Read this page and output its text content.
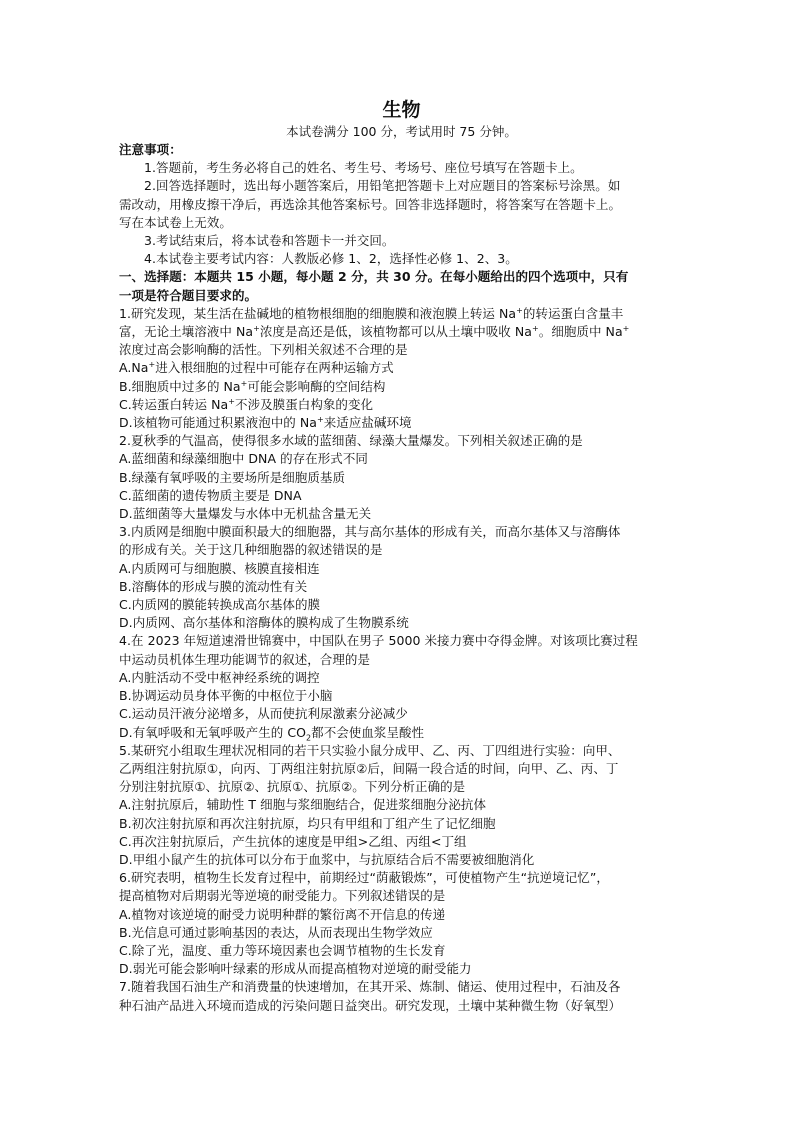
生物
本试卷满分 100 分，考试用时 75 分钟。
注意事项：
1.答题前，考生务必将自己的姓名、考生号、考场号、座位号填写在答题卡上。
2.回答选择题时，选出每小题答案后，用铅笔把答题卡上对应题目的答案标号涂黑。如
需改动，用橡皮擦干净后，再选涂其他答案标号。回答非选择题时，将答案写在答题卡上。
写在本试卷上无效。
3.考试结束后，将本试卷和答题卡一并交回。
4.本试卷主要考试内容：人教版必修 1、2，选择性必修 1、2、3。
一、选择题：本题共 15 小题，每小题 2 分，共 30 分。在每小题给出的四个选项中，只有
一项是符合题目要求的。
1.研究发现，某生活在盐碱地的植物根细胞的细胞膜和液泡膜上转运 Na+的转运蛋白含量丰
富，无论土壤溶液中 Na+浓度是高还是低，该植物都可以从土壤中吸收 Na+。细胞质中 Na+
浓度过高会影响酶的活性。下列相关叙述不合理的是
A.Na+进入根细胞的过程中可能存在两种运输方式
B.细胞质中过多的 Na+可能会影响酶的空间结构
C.转运蛋白转运 Na+不涉及膜蛋白构象的变化
D.该植物可能通过积累液泡中的 Na+来适应盐碱环境
2.夏秋季的气温高，使得很多水域的蓝细菌、绿藻大量爆发。下列相关叙述正确的是
A.蓝细菌和绿藻细胞中 DNA 的存在形式不同
B.绿藻有氧呼吸的主要场所是细胞质基质
C.蓝细菌的遗传物质主要是 DNA
D.蓝细菌等大量爆发与水体中无机盐含量无关
3.内质网是细胞中膜面积最大的细胞器，其与高尔基体的形成有关，而高尔基体又与溶酶体
的形成有关。关于这几种细胞器的叙述错误的是
A.内质网可与细胞膜、核膜直接相连
B.溶酶体的形成与膜的流动性有关
C.内质网的膜能转换成高尔基体的膜
D.内质网、高尔基体和溶酶体的膜构成了生物膜系统
4.在 2023 年短道速滑世锦赛中，中国队在男子 5000 米接力赛中夺得金牌。对该项比赛过程
中运动员机体生理功能调节的叙述，合理的是
A.内脏活动不受中枢神经系统的调控
B.协调运动员身体平衡的中枢位于小脑
C.运动员汗液分泌增多，从而使抗利尿激素分泌减少
D.有氧呼吸和无氧呼吸产生的 $CO_2$都不会使血浆呈酸性
5.某研究小组取生理状况相同的若干只实验小鼠分成甲、乙、丙、丁四组进行实验：向甲、
乙两组注射抗原①，向丙、丁两组注射抗原②后，间隔一段合适的时间，向甲、乙、丙、丁
分别注射抗原①、抗原②、抗原①、抗原②。下列分析正确的是
A.注射抗原后，辅助性 T 细胞与浆细胞结合，促进浆细胞分泌抗体
B.初次注射抗原和再次注射抗原，均只有甲组和丁组产生了记忆细胞
C.再次注射抗原后，产生抗体的速度是甲组>乙组、丙组<丁组
D.甲组小鼠产生的抗体可以分布于血浆中，与抗原结合后不需要被细胞消化
6.研究表明，植物生长发育过程中，前期经过“荫蔽锻炼”，可使植物产生“抗逆境记忆”，
提高植物对后期弱光等逆境的耐受能力。下列叙述错误的是
A.植物对该逆境的耐受力说明种群的繁衍离不开信息的传递
B.光信息可通过影响基因的表达，从而表现出生物学效应
C.除了光，温度、重力等环境因素也会调节植物的生长发育
D.弱光可能会影响叶绿素的形成从而提高植物对逆境的耐受能力
7.随着我国石油生产和消费量的快速增加，在其开采、炼制、储运、使用过程中，石油及各
种石油产品进入环境而造成的污染问题日益突出。研究发现，土壤中某种微生物（好氧型）
